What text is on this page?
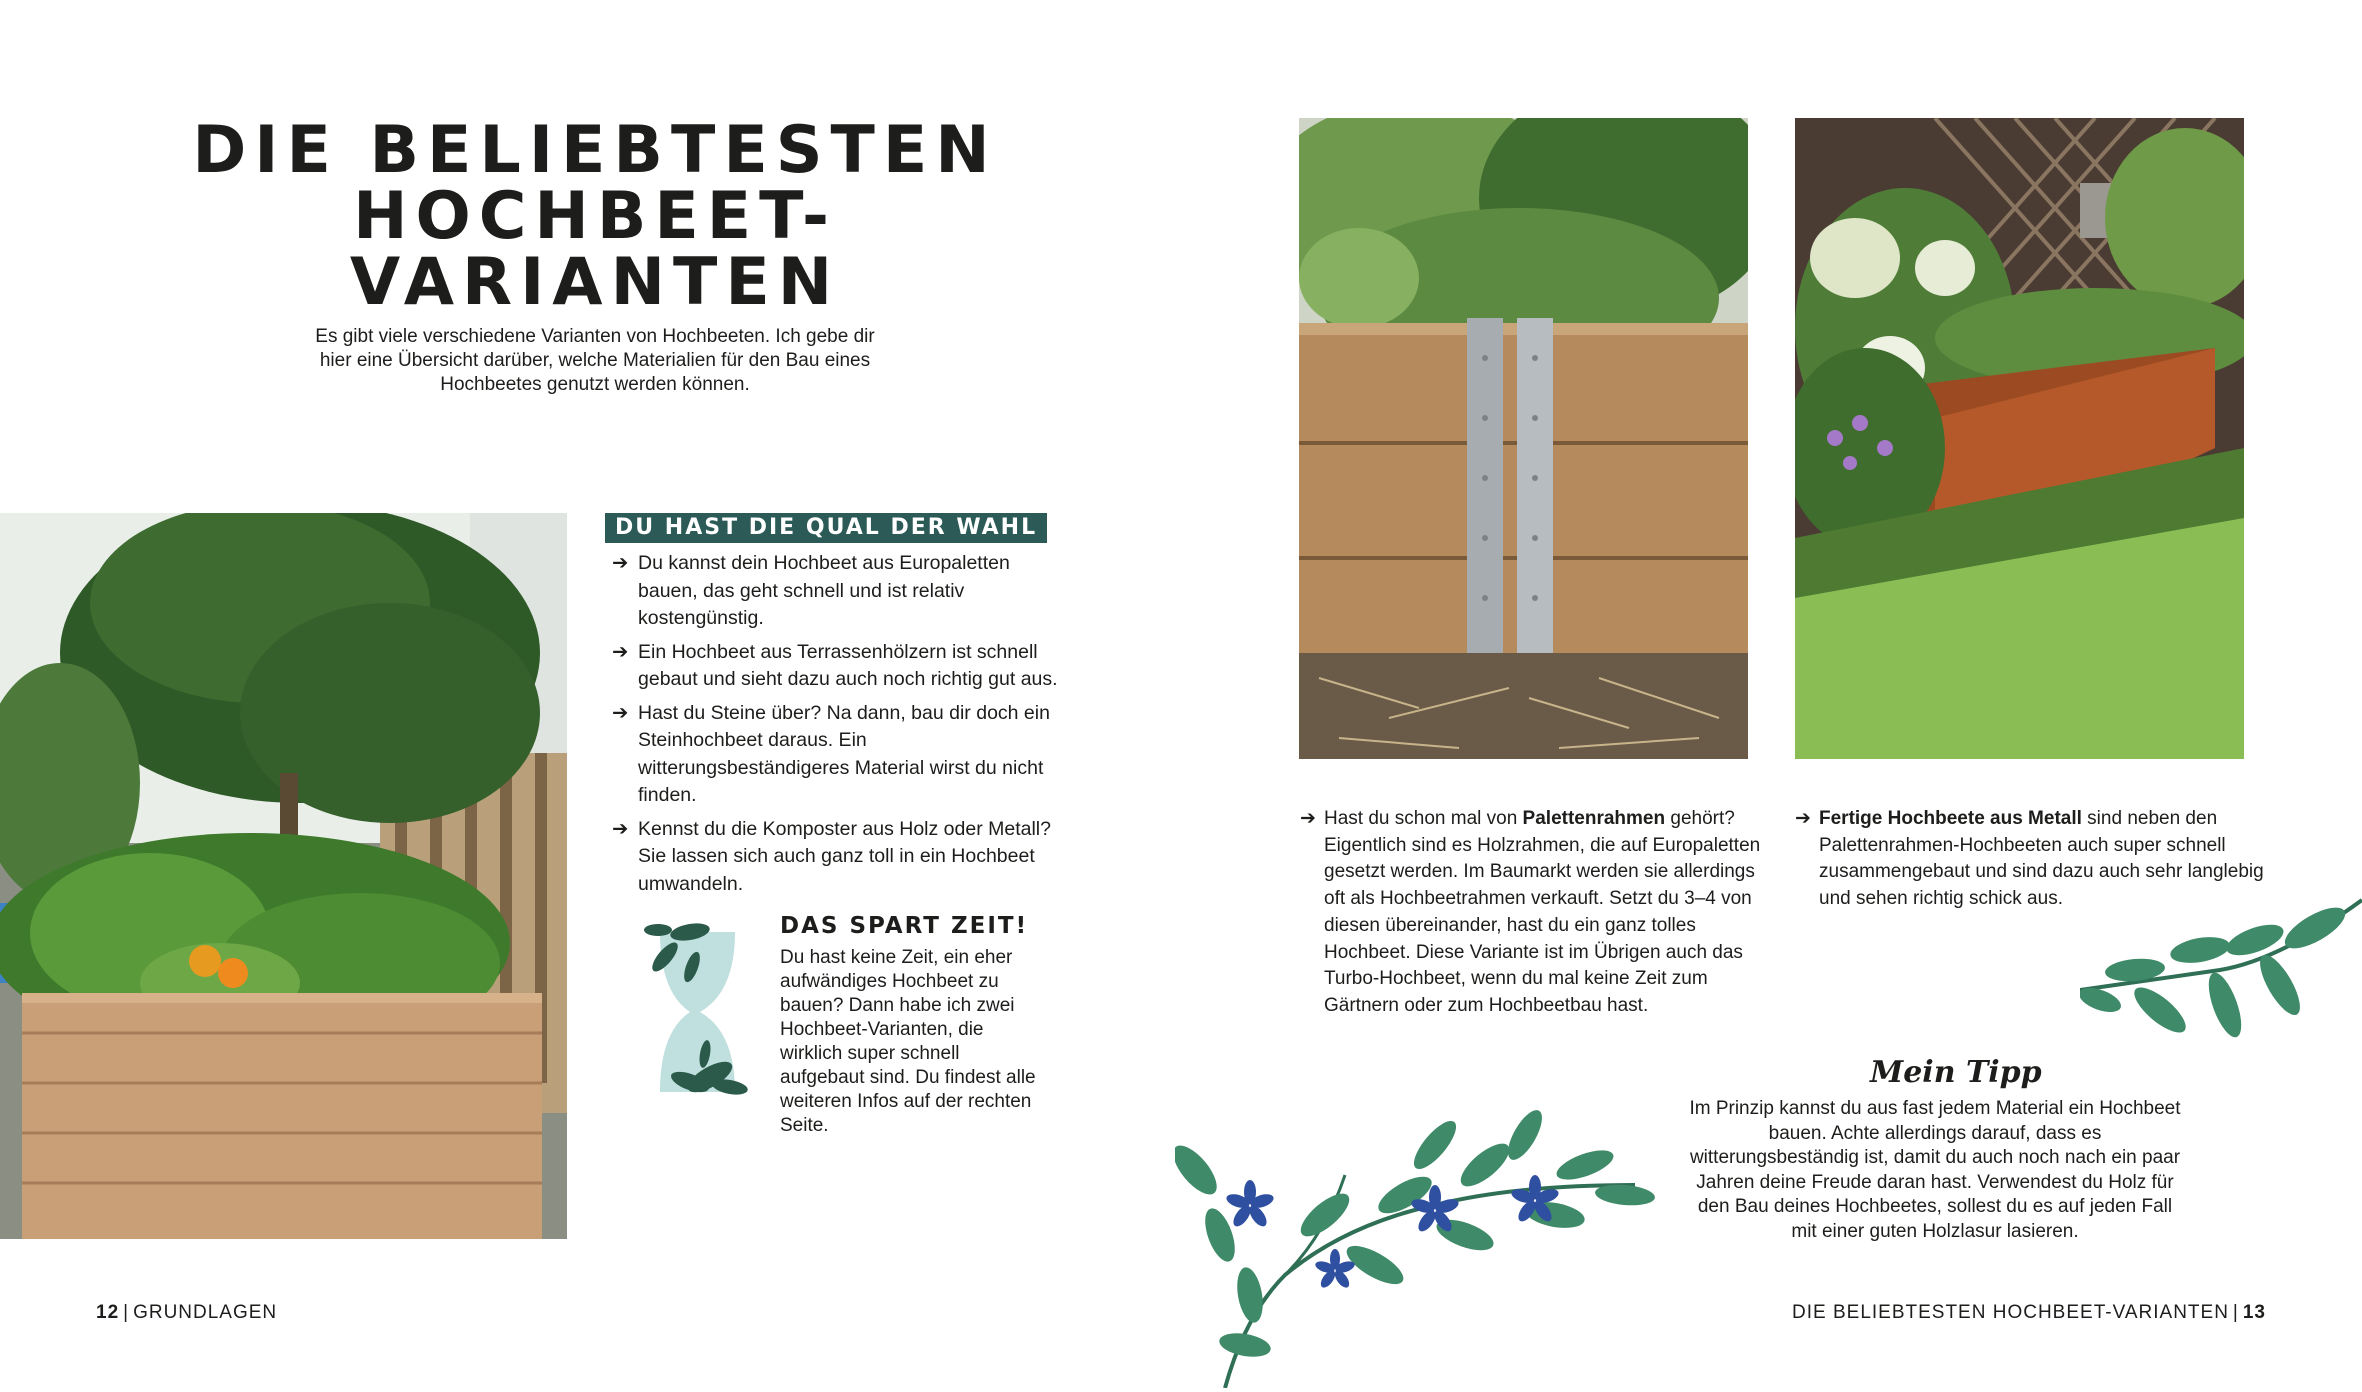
DIE BELIEBTESTEN
HOCHBEET-VARIANTEN

Es gibt viele verschiedene Varianten von Hochbeeten. Ich gebe dir hier eine Übersicht darüber, welche Materialien für den Bau eines Hochbeetes genutzt werden können.

DU HAST DIE QUAL DER WAHL
➔ Du kannst dein Hochbeet aus Europaletten bauen, das geht schnell und ist relativ kostengünstig.
➔ Ein Hochbeet aus Terrassenhölzern ist schnell gebaut und sieht dazu auch noch richtig gut aus.
➔ Hast du Steine über? Na dann, bau dir doch ein Steinhochbeet daraus. Ein witterungsbeständigeres Material wirst du nicht finden.
➔ Kennst du die Komposter aus Holz oder Metall? Sie lassen sich auch ganz toll in ein Hochbeet umwandeln.
DAS SPART ZEIT!

Du hast keine Zeit, ein eher aufwändiges Hochbeet zu bauen? Dann habe ich zwei Hochbeet-Varianten, die wirklich super schnell aufgebaut sind. Du findest alle weiteren Infos auf der rechten Seite.

➔ Hast du schon mal von Palettenrahmen gehört? Eigentlich sind es Holzrahmen, die auf Europaletten gesetzt werden. Im Baumarkt werden sie allerdings oft als Hochbeetrahmen verkauft. Setzt du 3–4 von diesen übereinander, hast du ein ganz tolles Hochbeet. Diese Variante ist im Übrigen auch das Turbo-Hochbeet, wenn du mal keine Zeit zum Gärtnern oder zum Hochbeetbau hast.

➔ Fertige Hochbeete aus Metall sind neben den Palettenrahmen-Hochbeeten auch super schnell zusammengebaut und sind dazu auch sehr langlebig und sehen richtig schick aus.

Mein Tipp

Im Prinzip kannst du aus fast jedem Material ein Hochbeet bauen. Achte allerdings darauf, dass es witterungsbeständig ist, damit du auch noch nach ein paar Jahren deine Freude daran hast. Verwendest du Holz für den Bau deines Hochbeetes, sollest du es auf jeden Fall mit einer guten Holzlasur lasieren.

12 | GRUNDLAGEN	DIE BELIEBTESTEN HOCHBEET-VARIANTEN | 13
